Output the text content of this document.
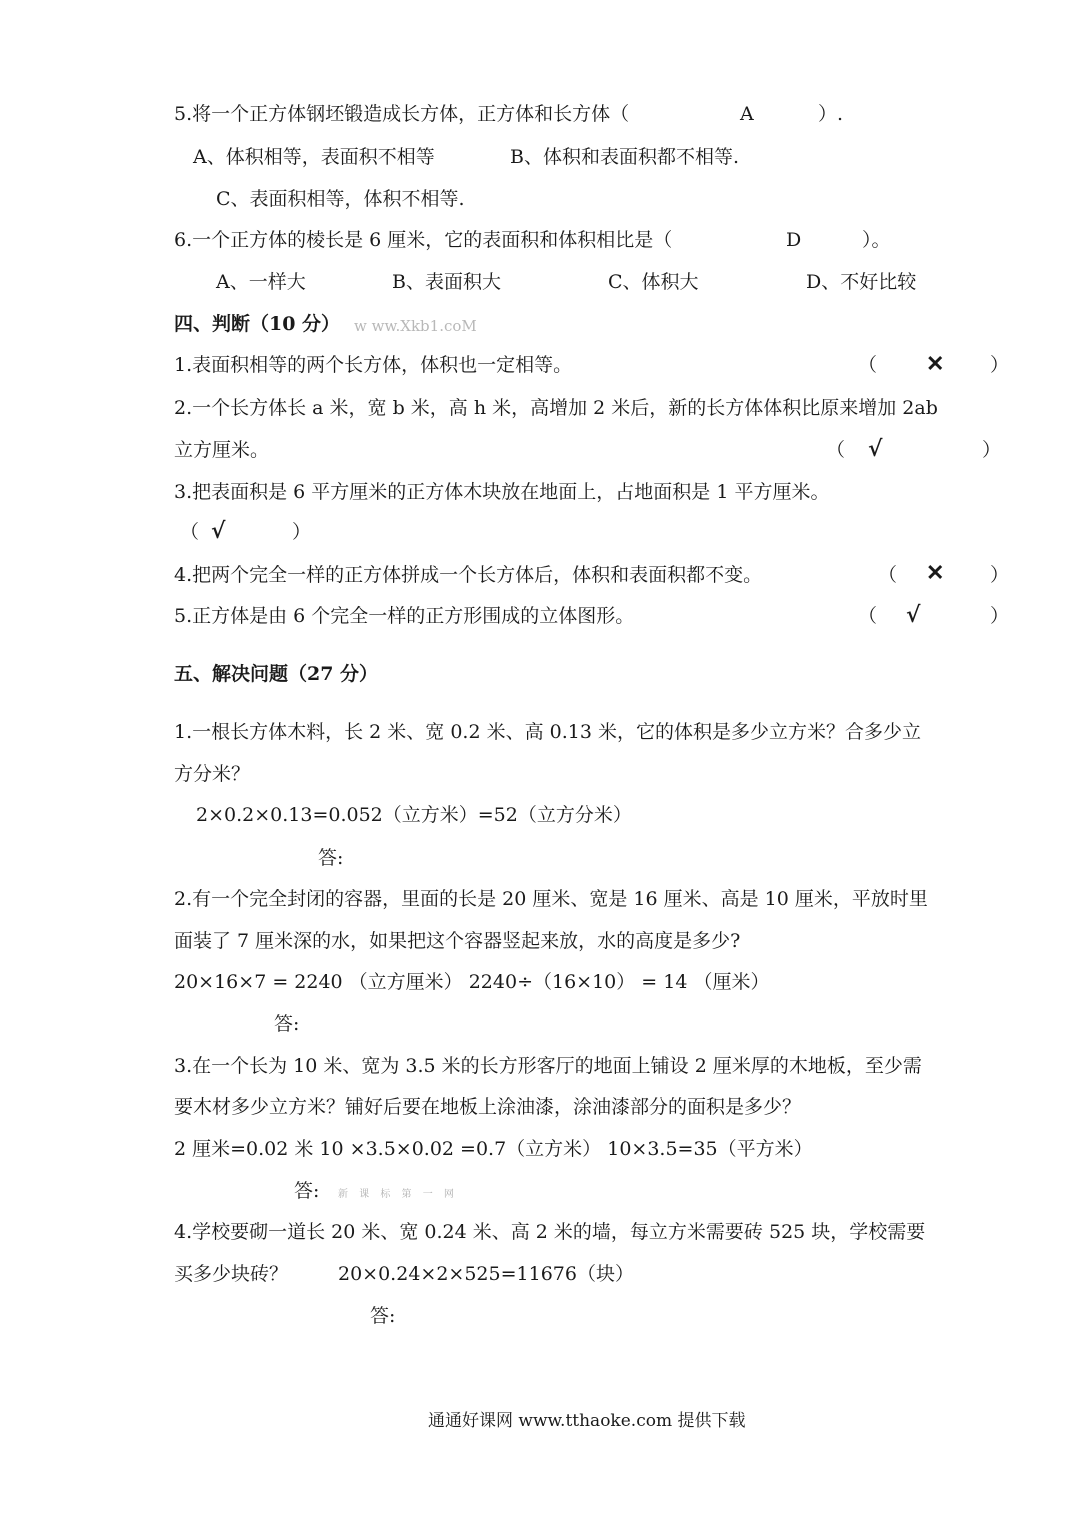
5.将一个正方体钢坯锻造成长方体，正方体和长方体（	A	）.
A、体积相等，表面积不相等	B、体积和表面积都不相等.
C、表面积相等，体积不相等.
6.一个正方体的棱长是 6 厘米，它的表面积和体积相比是（	D	）。
A、一样大	B、表面积大	C、体积大	D、不好比较
四、判断（10 分） w ww.Xkb1.coM
1.表面积相等的两个长方体，体积也一定相等。	（ ✕ ）
2.一个长方体长 a 米，宽 b 米，高 h 米，高增加 2 米后，新的长方体体积比原来增加 2ab
立方厘米。	（ √	）
3.把表面积是 6 平方厘米的正方体木块放在地面上，占地面积是 1 平方厘米。
（ √	）
4.把两个完全一样的正方体拼成一个长方体后，体积和表面积都不变。	（ ✕ ）
5.正方体是由 6 个完全一样的正方形围成的立体图形。	（ √	）
五、解决问题（27 分）
1.一根长方体木料，长 2 米、宽 0.2 米、高 0.13 米，它的体积是多少立方米？合多少立
方分米？
2×0.2×0.13=0.052（立方米）=52（立方分米）
答:
2.有一个完全封闭的容器，里面的长是 20 厘米、宽是 16 厘米、高是 10 厘米，平放时里
面装了 7 厘米深的水，如果把这个容器竖起来放，水的高度是多少?
20×16×7 = 2240 （立方厘米） 2240÷（16×10） = 14 （厘米）
答:
3.在一个长为 10 米、宽为 3.5 米的长方形客厅的地面上铺设 2 厘米厚的木地板，至少需
要木材多少立方米？铺好后要在地板上涂油漆，涂油漆部分的面积是多少？
2 厘米=0.02 米 10 ×3.5×0.02 =0.7（立方米） 10×3.5=35（平方米）
答: 新 课 标 第 一 网
4.学校要砌一道长 20 米、宽 0.24 米、高 2 米的墙，每立方米需要砖 525 块，学校需要
买多少块砖？	20×0.24×2×525=11676（块）
答:
通通好课网 www.tthaoke.com 提供下载
